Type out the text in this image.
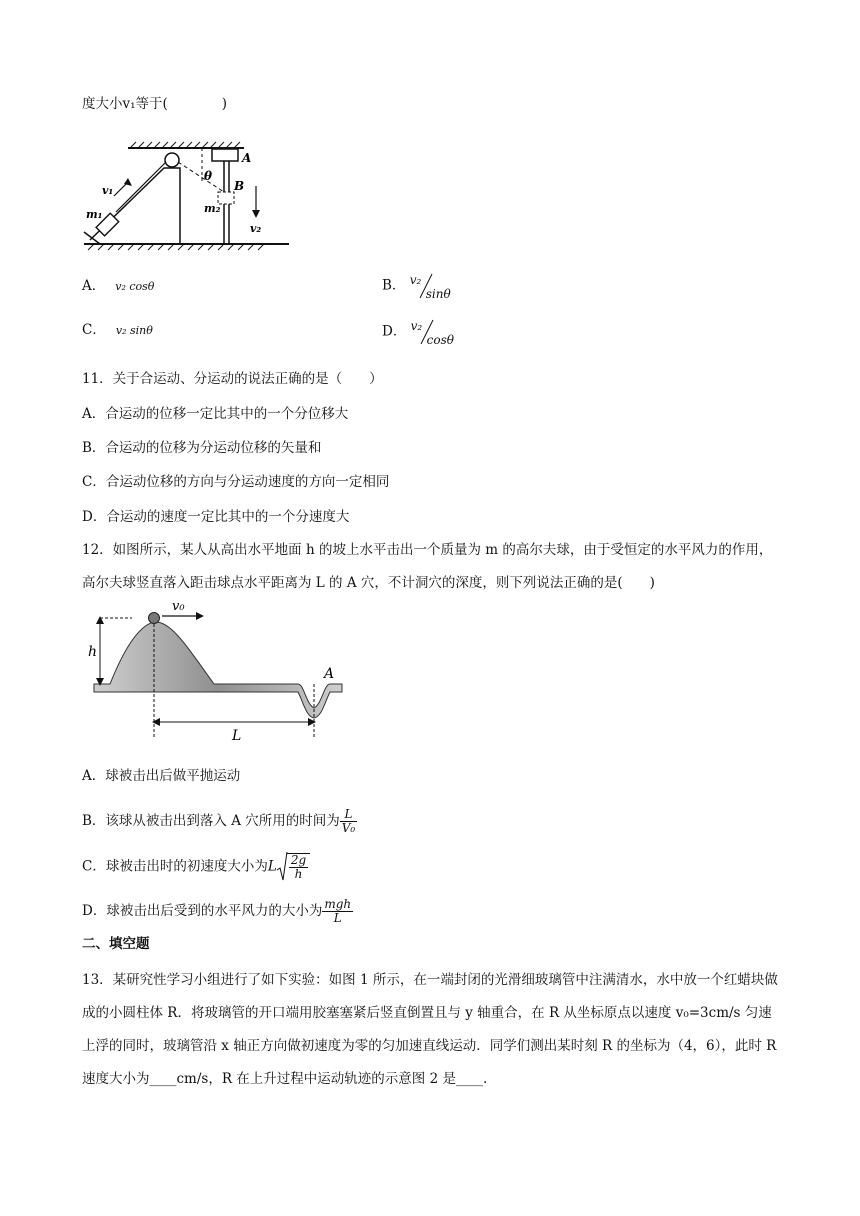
度大小v₁等于(　　　　)
A
B
θ
v₁
m₁	m₂
v₂
A． v₂ cosθ	B． v₂
sinθ
C． v₂ sinθ	D． v₂
cosθ
11．关于合运动、分运动的说法正确的是（　　）
A．合运动的位移一定比其中的一个分位移大
B．合运动的位移为分运动位移的矢量和
C．合运动位移的方向与分运动速度的方向一定相同
D．合运动的速度一定比其中的一个分速度大
12．如图所示，某人从高出水平地面 h 的坡上水平击出一个质量为 m 的高尔夫球，由于受恒定的水平风力的作用，高尔夫球竖直落入距击球点水平距离为 L 的 A 穴，不计洞穴的深度，则下列说法正确的是(　　)
v₀
h
A
L
A．球被击出后做平抛运动
B．该球从被击出到落入 A 穴所用的时间为 $\frac{L}{\text{V₀}}$
C．球被击出时的初速度大小为L $\frac{2g}{h}$
D．球被击出后受到的水平风力的大小为 $\frac{\text{mgh}}{L}$
二、填空题
13．某研究性学习小组进行了如下实验：如图 1 所示，在一端封闭的光滑细玻璃管中注满清水，水中放一个红蜡块做成的小圆柱体 R．将玻璃管的开口端用胶塞塞紧后竖直倒置且与 y 轴重合，在 R 从坐标原点以速度 v₀=3cm/s 匀速上浮的同时，玻璃管沿 x 轴正方向做初速度为零的匀加速直线运动．同学们测出某时刻 R 的坐标为（4，6），此时 R 速度大小为____cm/s，R 在上升过程中运动轨迹的示意图 2 是____.
